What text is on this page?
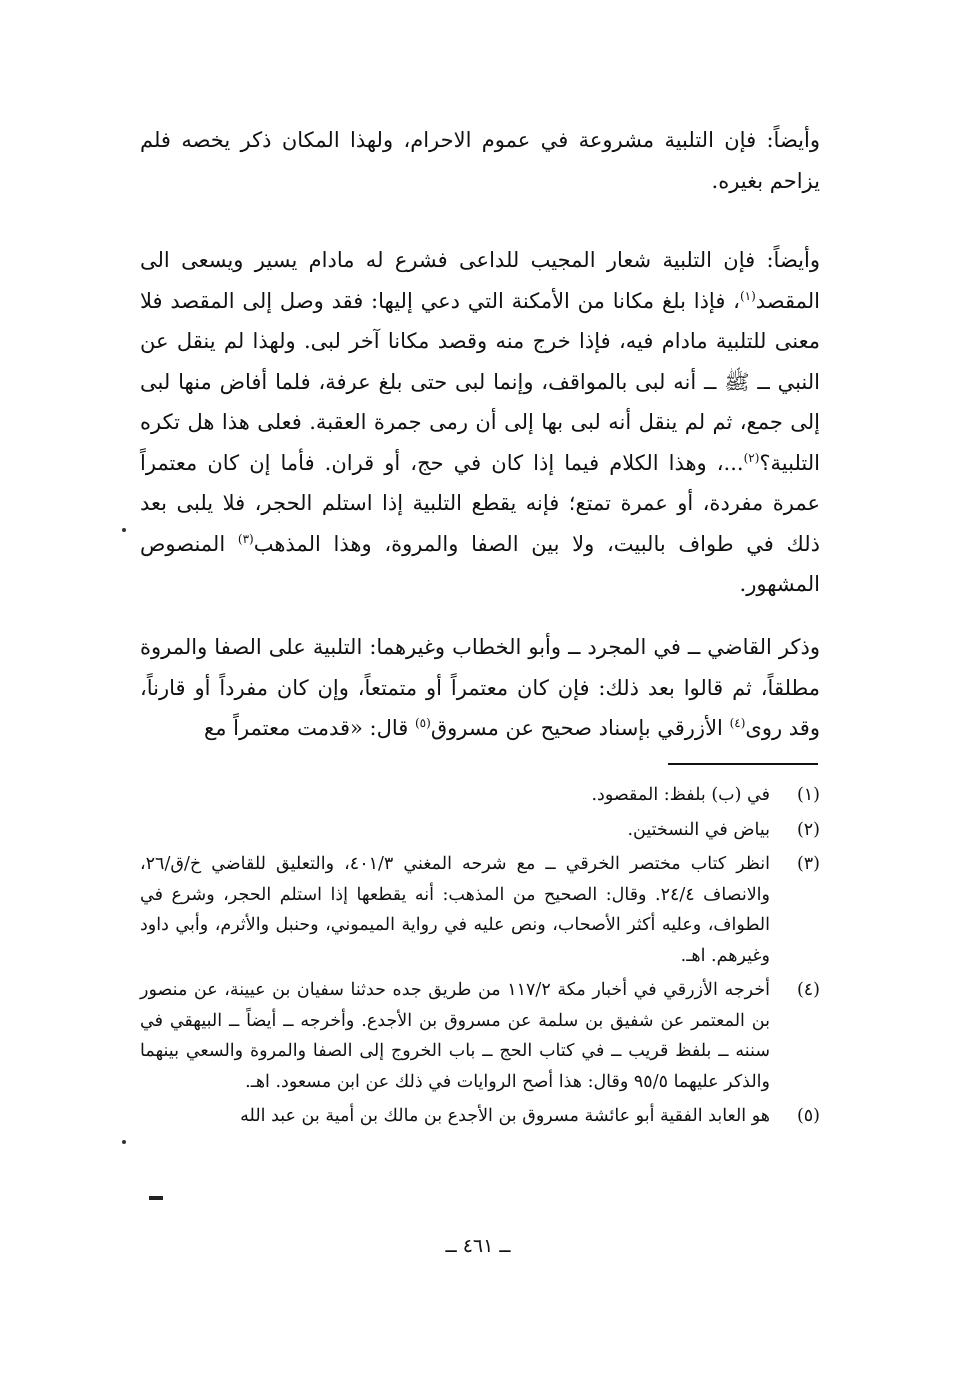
وأيضاً: فإن التلبية مشروعة في عموم الاحرام، ولهذا المكان ذكر يخصه فلم يزاحم بغيره.

وأيضاً: فإن التلبية شعار المجيب للداعى فشرع له مادام يسير ويسعى الى المقصد$^{(١)}$، فإذا بلغ مكانا من الأمكنة التي دعي إليها: فقد وصل إلى المقصد فلا معنى للتلبية مادام فيه، فإذا خرج منه وقصد مكانا آخر لبى. ولهذا لم ينقل عن النبي ــ ﷺ ــ أنه لبى بالمواقف، وإنما لبى حتى بلغ عرفة، فلما أفاض منها لبى إلى جمع، ثم لم ينقل أنه لبى بها إلى أن رمى جمرة العقبة. فعلى هذا هل تكره التلبية؟$^{(٢)}$...، وهذا الكلام فيما إذا كان في حج، أو قران. فأما إن كان معتمراً عمرة مفردة، أو عمرة تمتع؛ فإنه يقطع التلبية إذا استلم الحجر، فلا يلبى بعد ذلك في طواف بالبيت، ولا بين الصفا والمروة، وهذا المذهب$^{(٣)}$ المنصوص المشهور.

وذكر القاضي ــ في المجرد ــ وأبو الخطاب وغيرهما: التلبية على الصفا والمروة مطلقاً، ثم قالوا بعد ذلك: فإن كان معتمراً أو متمتعاً، وإن كان مفرداً أو قارناً، وقد روى$^{(٤)}$ الأزرقي بإسناد صحيح عن مسروق$^{(٥)}$ قال: «قدمت معتمراً مع

(١)
في (ب) بلفظ: المقصود.

(٢)
بياض في النسختين.

(٣)
انظر كتاب مختصر الخرقي ــ مع شرحه المغني ٤٠١/٣، والتعليق للقاضي خ/ق/٢٦، والانصاف ٢٤/٤. وقال: الصحيح من المذهب: أنه يقطعها إذا استلم الحجر، وشرع في الطواف، وعليه أكثر الأصحاب، ونص عليه في رواية الميموني، وحنبل والأثرم، وأبي داود وغيرهم. اهـ.

(٤)
أخرجه الأزرقي في أخبار مكة ١١٧/٢ من طريق جده حدثنا سفيان بن عيينة، عن منصور بن المعتمر عن شفيق بن سلمة عن مسروق بن الأجدع. وأخرجه ــ أيضاً ــ البيهقي في سننه ــ بلفظ قريب ــ في كتاب الحج ــ باب الخروج إلى الصفا والمروة والسعي بينهما والذكر عليهما ٩٥/٥ وقال: هذا أصح الروايات في ذلك عن ابن مسعود. اهـ.

(٥)
هو العابد الفقية أبو عائشة مسروق بن الأجدع بن مالك بن أمية بن عبد الله

ــ ٤٦١ ــ
